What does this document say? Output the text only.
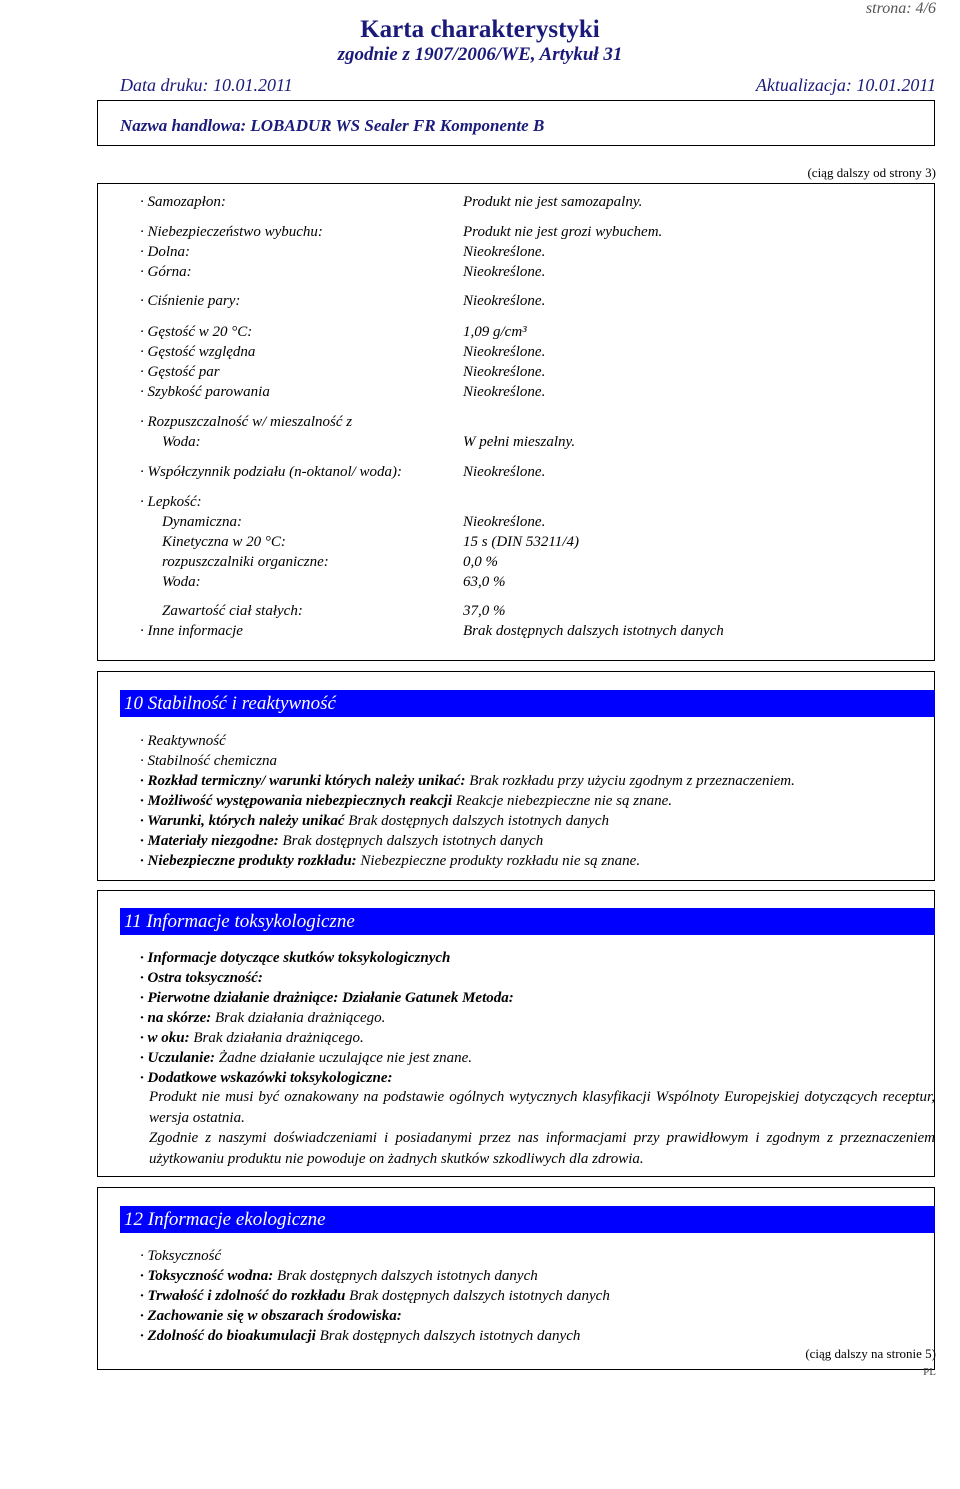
strona: 4/6
Karta charakterystyki
zgodnie z 1907/2006/WE, Artykuł 31
Data druku: 10.01.2011	Aktualizacja: 10.01.2011
Nazwa handlowa: LOBADUR WS Sealer FR Komponente B
(ciąg dalszy od strony 3)
· Samozapłon:	Produkt nie jest samozapalny.
· Niebezpieczeństwo wybuchu:	Produkt nie jest grozi wybuchem.
· Dolna:	Nieokreślone.
· Górna:	Nieokreślone.
· Ciśnienie pary:	Nieokreślone.
· Gęstość w 20 °C:	1,09 g/cm³
· Gęstość względna	Nieokreślone.
· Gęstość par	Nieokreślone.
· Szybkość parowania	Nieokreślone.
· Rozpuszczalność w/ mieszalność z
Woda:	W pełni mieszalny.
· Współczynnik podziału (n-oktanol/ woda):	Nieokreślone.
· Lepkość:
Dynamiczna:	Nieokreślone.
Kinetyczna w 20 °C:	15 s (DIN 53211/4)
rozpuszczalniki organiczne:	0,0 %
Woda:	63,0 %
Zawartość ciał stałych:	37,0 %
· Inne informacje	Brak dostępnych dalszych istotnych danych
10 Stabilność i reaktywność
· Reaktywność
· Stabilność chemiczna
· Rozkład termiczny/ warunki których należy unikać: Brak rozkładu przy użyciu zgodnym z przeznaczeniem.
· Możliwość występowania niebezpiecznych reakcji Reakcje niebezpieczne nie są znane.
· Warunki, których należy unikać Brak dostępnych dalszych istotnych danych
· Materiały niezgodne: Brak dostępnych dalszych istotnych danych
· Niebezpieczne produkty rozkładu: Niebezpieczne produkty rozkładu nie są znane.
11 Informacje toksykologiczne
· Informacje dotyczące skutków toksykologicznych
· Ostra toksyczność:
· Pierwotne działanie drażniące: Działanie Gatunek Metoda:
· na skórze: Brak działania drażniącego.
· w oku: Brak działania drażniącego.
· Uczulanie: Żadne działanie uczulające nie jest znane.
· Dodatkowe wskazówki toksykologiczne:
Produkt nie musi być oznakowany na podstawie ogólnych wytycznych klasyfikacji Wspólnoty Europejskiej dotyczących receptur, wersja ostatnia.
Zgodnie z naszymi doświadczeniami i posiadanymi przez nas informacjami przy prawidłowym i zgodnym z przeznaczeniem użytkowaniu produktu nie powoduje on żadnych skutków szkodliwych dla zdrowia.
12 Informacje ekologiczne
· Toksyczność
· Toksyczność wodna: Brak dostępnych dalszych istotnych danych
· Trwałość i zdolność do rozkładu Brak dostępnych dalszych istotnych danych
· Zachowanie się w obszarach środowiska:
· Zdolność do bioakumulacji Brak dostępnych dalszych istotnych danych
(ciąg dalszy na stronie 5)
PL
